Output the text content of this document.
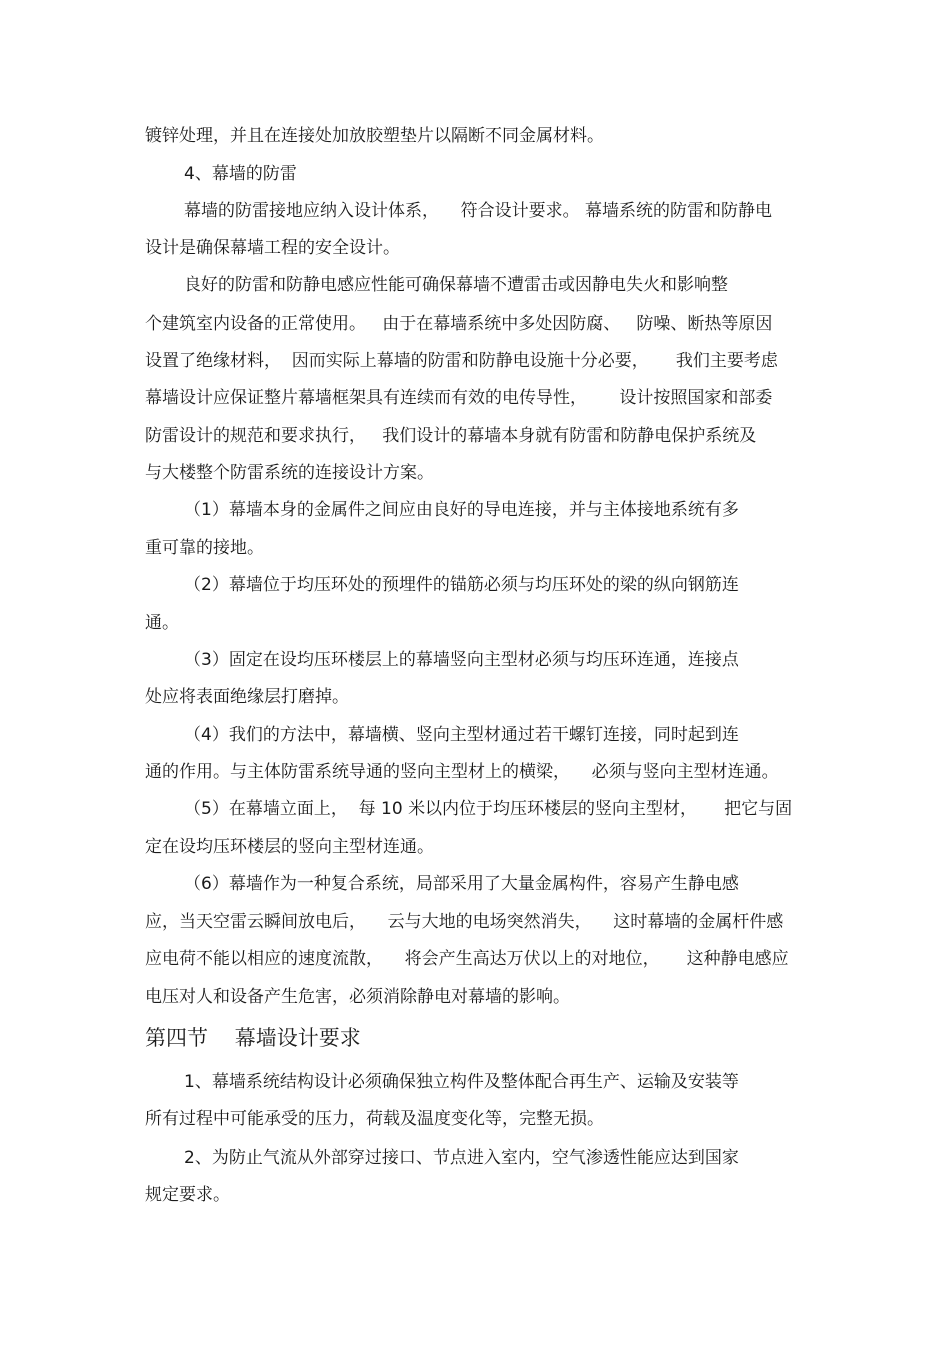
镀锌处理，并且在连接处加放胶塑垫片以隔断不同金属材料。

4、幕墙的防雷

幕墙的防雷接地应纳入设计体系，    符合设计要求。 幕墙系统的防雷和防静电

设计是确保幕墙工程的安全设计。

良好的防雷和防静电感应性能可确保幕墙不遭雷击或因静电失火和影响整

个建筑室内设备的正常使用。   由于在幕墙系统中多处因防腐、   防噪、断热等原因

设置了绝缘材料，  因而实际上幕墙的防雷和防静电设施十分必要，     我们主要考虑

幕墙设计应保证整片幕墙框架具有连续而有效的电传导性，      设计按照国家和部委

防雷设计的规范和要求执行，   我们设计的幕墙本身就有防雷和防静电保护系统及

与大楼整个防雷系统的连接设计方案。

（1）幕墙本身的金属件之间应由良好的导电连接，并与主体接地系统有多

重可靠的接地。

（2）幕墙位于均压环处的预埋件的锚筋必须与均压环处的梁的纵向钢筋连

通。

（3）固定在设均压环楼层上的幕墙竖向主型材必须与均压环连通，连接点

处应将表面绝缘层打磨掉。

（4）我们的方法中，幕墙横、竖向主型材通过若干螺钉连接，同时起到连

通的作用。与主体防雷系统导通的竖向主型材上的横梁，    必须与竖向主型材连通。

（5）在幕墙立面上，  每 10 米以内位于均压环楼层的竖向主型材，     把它与固

定在设均压环楼层的竖向主型材连通。

（6）幕墙作为一种复合系统，局部采用了大量金属构件，容易产生静电感

应，当天空雷云瞬间放电后，    云与大地的电场突然消失，    这时幕墙的金属杆件感

应电荷不能以相应的速度流散，    将会产生高达万伏以上的对地位，     这种静电感应

电压对人和设备产生危害，必须消除静电对幕墙的影响。

第四节    幕墙设计要求

1、幕墙系统结构设计必须确保独立构件及整体配合再生产、运输及安装等

所有过程中可能承受的压力，荷载及温度变化等，完整无损。

2、为防止气流从外部穿过接口、节点进入室内，空气渗透性能应达到国家

规定要求。
